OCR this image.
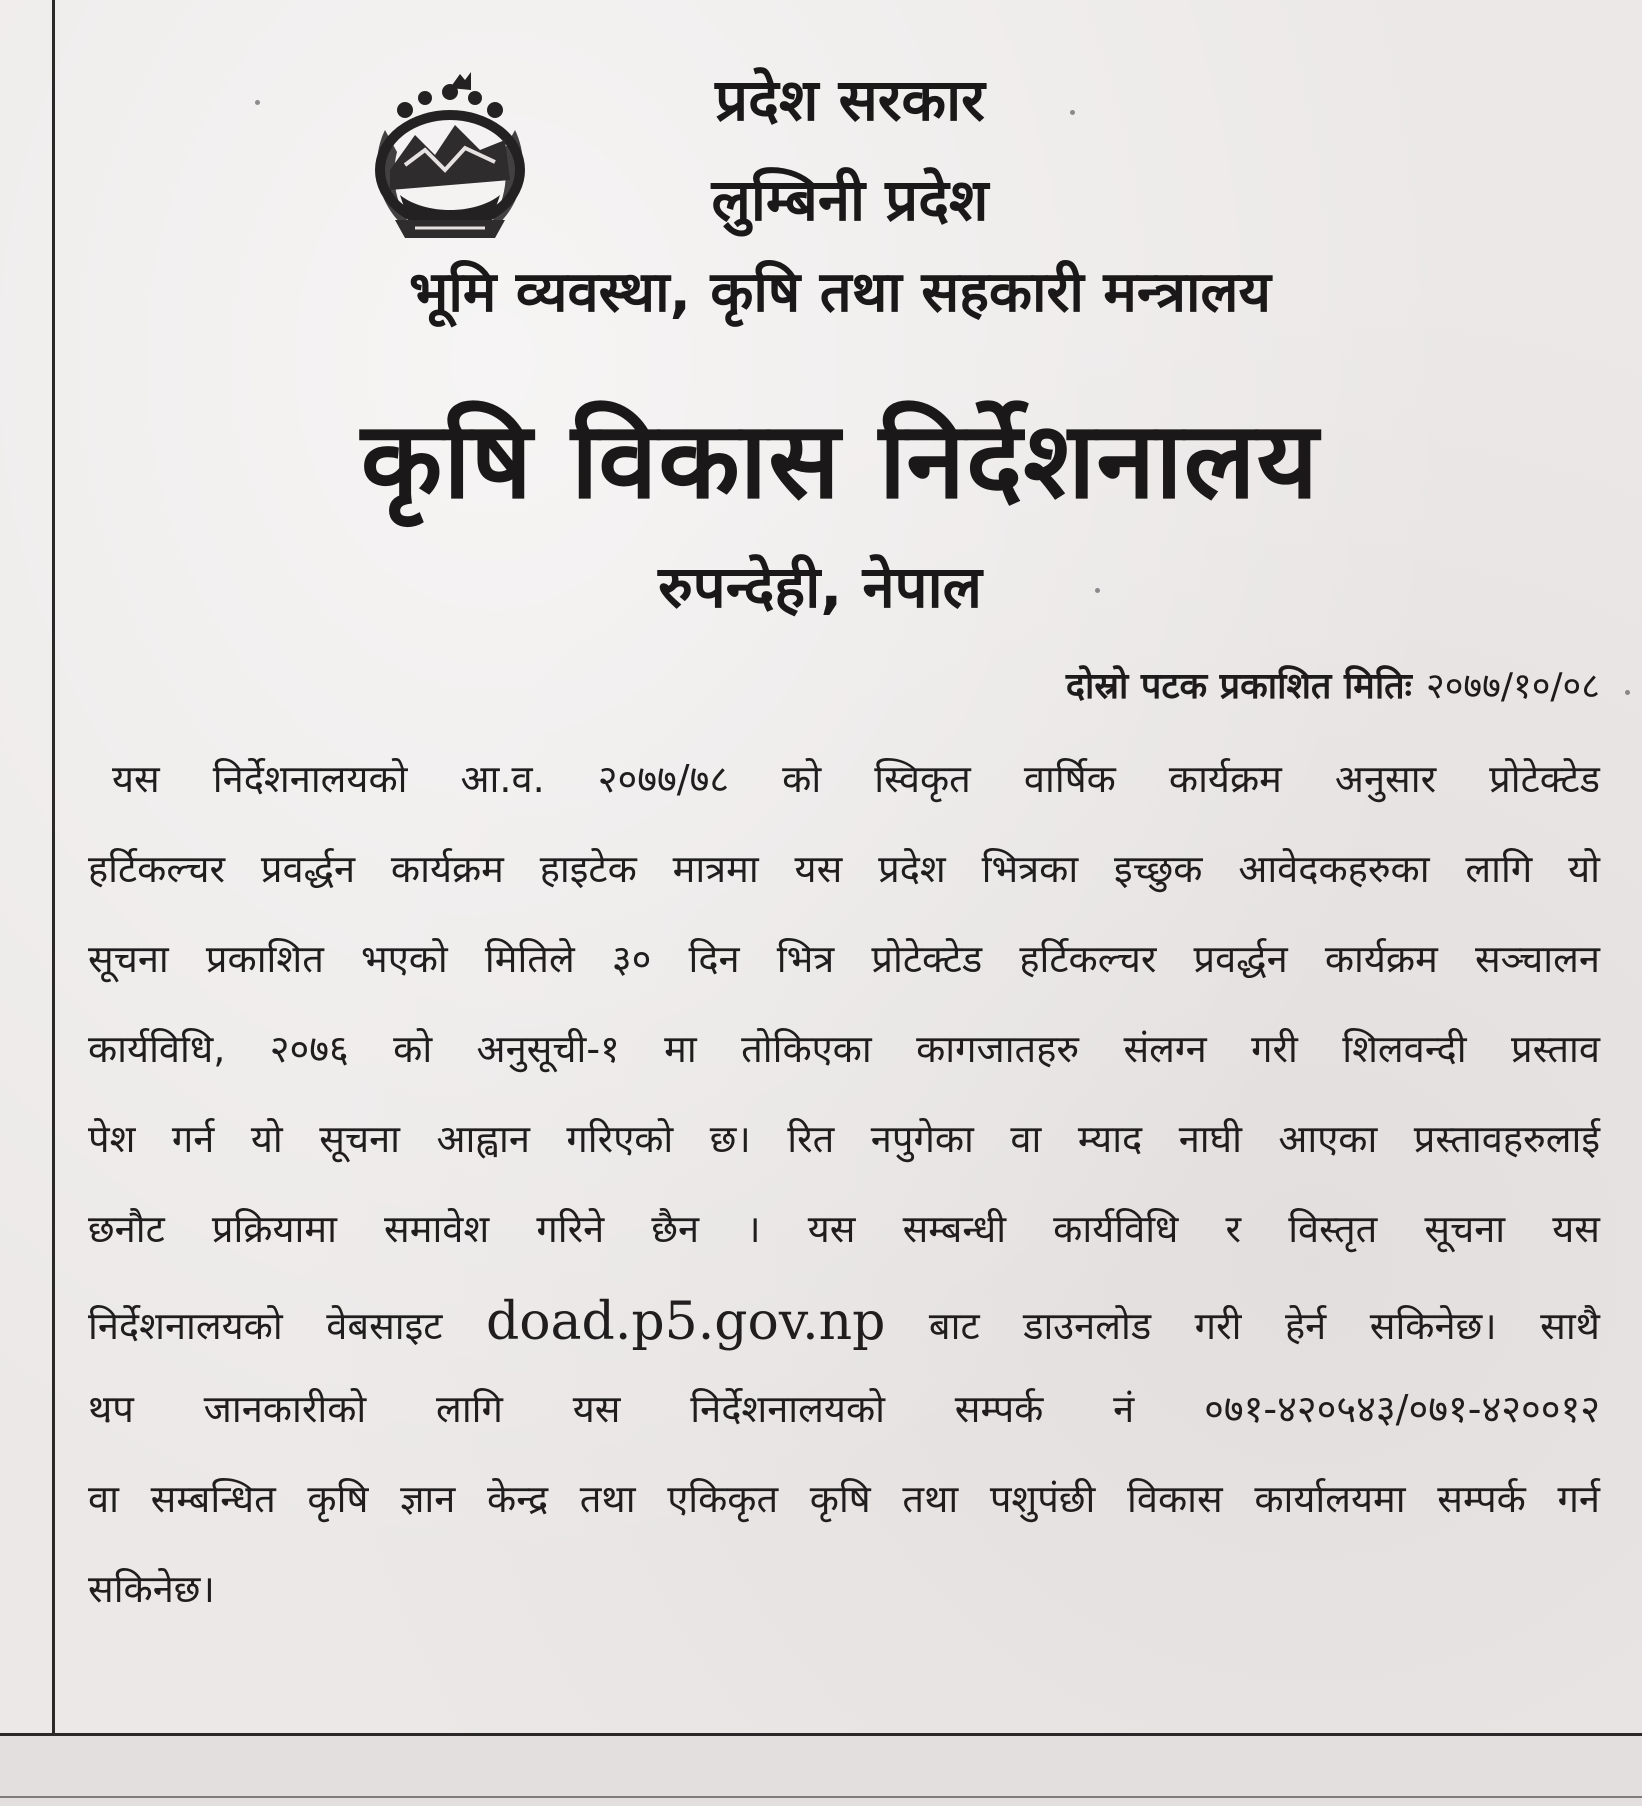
प्रदेश सरकार
लुम्बिनी प्रदेश
भूमि व्यवस्था, कृषि तथा सहकारी मन्त्रालय
कृषि विकास निर्देशनालय
रुपन्देही, नेपाल
दोस्रो पटक प्रकाशित मितिः २०७७/१०/०८
यस निर्देशनालयको आ.व. २०७७/७८ को स्विकृत वार्षिक कार्यक्रम अनुसार प्रोटेक्टेड
हर्टिकल्चर प्रवर्द्धन कार्यक्रम हाइटेक मात्रमा यस प्रदेश भित्रका इच्छुक आवेदकहरुका लागि यो
सूचना प्रकाशित भएको मितिले ३० दिन भित्र प्रोटेक्टेड हर्टिकल्चर प्रवर्द्धन कार्यक्रम सञ्चालन
कार्यविधि, २०७६ को अनुसूची-१ मा तोकिएका कागजातहरु संलग्न गरी शिलवन्दी प्रस्ताव
पेश गर्न यो सूचना आह्वान गरिएको छ। रित नपुगेका वा म्याद नाघी आएका प्रस्तावहरुलाई
छनौट प्रक्रियामा समावेश गरिने छैन । यस सम्बन्धी कार्यविधि र विस्तृत सूचना यस
निर्देशनालयको वेबसाइट doad.p5.gov.np बाट डाउनलोड गरी हेर्न सकिनेछ। साथै
थप जानकारीको लागि यस निर्देशनालयको सम्पर्क नं ०७१-४२०५४३/०७१-४२००१२
वा सम्बन्धित कृषि ज्ञान केन्द्र तथा एकिकृत कृषि तथा पशुपंछी विकास कार्यालयमा सम्पर्क गर्न
सकिनेछ।
